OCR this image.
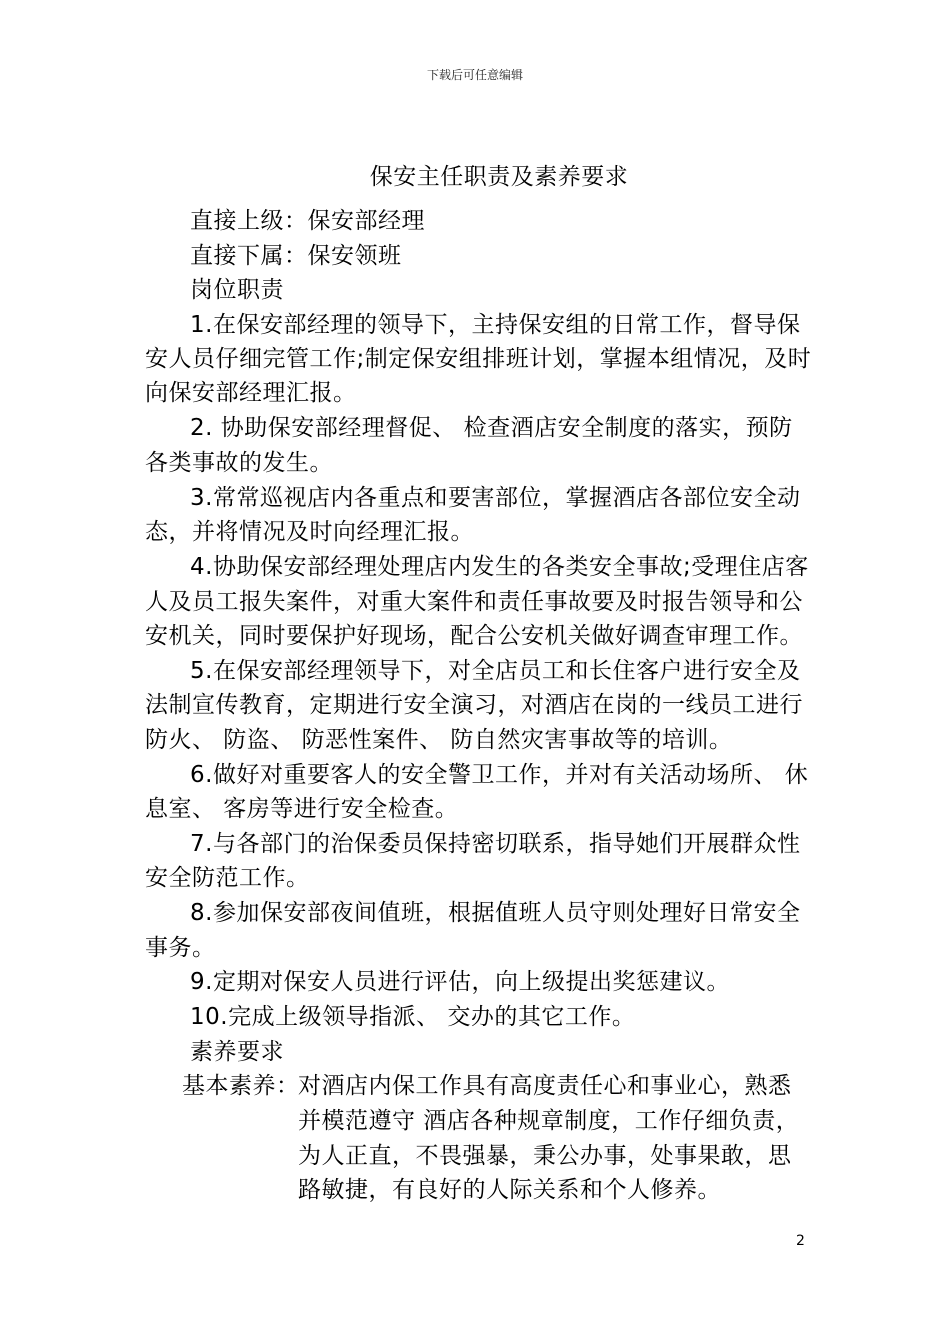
下载后可任意编辑
保安主任职责及素养要求
直接上级：保安部经理
直接下属：保安领班
岗位职责
1.在保安部经理的领导下，主持保安组的日常工作，督导保
安人员仔细完管工作;制定保安组排班计划，掌握本组情况，及时
向保安部经理汇报。
2. 协助保安部经理督促、 检查酒店安全制度的落实，预防
各类事故的发生。
3.常常巡视店内各重点和要害部位，掌握酒店各部位安全动
态，并将情况及时向经理汇报。
4.协助保安部经理处理店内发生的各类安全事故;受理住店客
人及员工报失案件，对重大案件和责任事故要及时报告领导和公
安机关，同时要保护好现场，配合公安机关做好调查审理工作。
5.在保安部经理领导下，对全店员工和长住客户进行安全及
法制宣传教育，定期进行安全演习，对酒店在岗的一线员工进行
防火、 防盗、 防恶性案件、 防自然灾害事故等的培训。
6.做好对重要客人的安全警卫工作，并对有关活动场所、 休
息室、 客房等进行安全检查。
7.与各部门的治保委员保持密切联系，指导她们开展群众性
安全防范工作。
8.参加保安部夜间值班，根据值班人员守则处理好日常安全
事务。
9.定期对保安人员进行评估，向上级提出奖惩建议。
10.完成上级领导指派、 交办的其它工作。
素养要求
基本素养：
对酒店内保工作具有高度责任心和事业心，熟悉
并模范遵守 酒店各种规章制度，工作仔细负责，
为人正直，不畏强暴，秉公办事，处事果敢，思
路敏捷，有良好的人际关系和个人修养。
2
